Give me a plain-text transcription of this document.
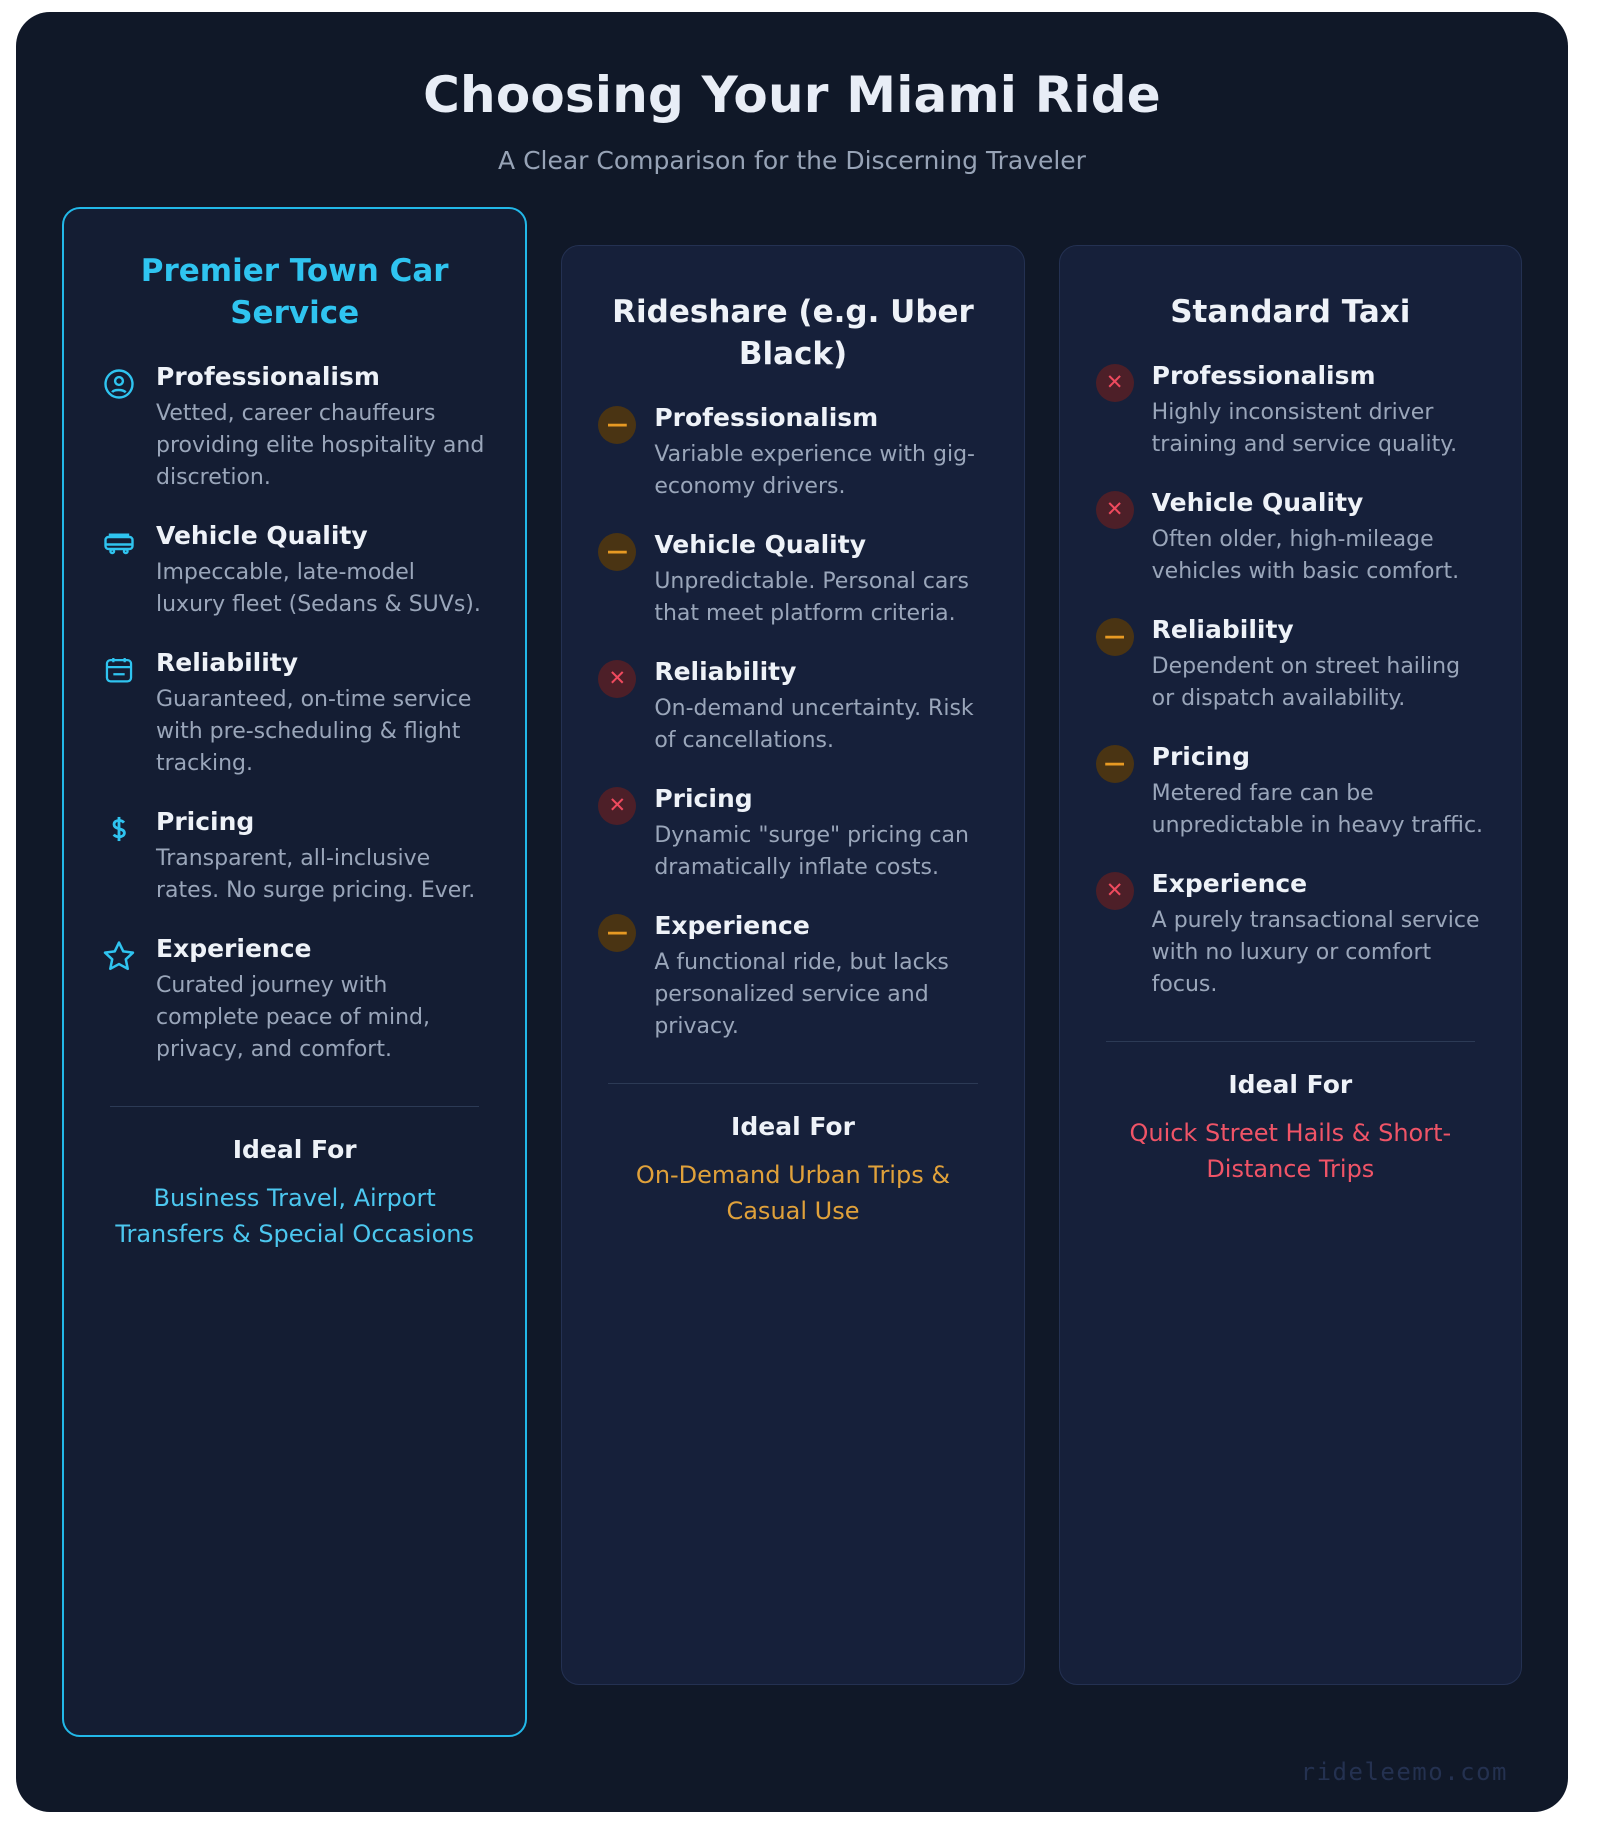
Choosing Your Miami Ride

A Clear Comparison for the Discerning Traveler

Premier Town Car Service
Professionalism
Vetted, career chauffeurs providing elite hospitality and discretion.
Vehicle Quality
Impeccable, late-model luxury fleet (Sedans & SUVs).
Reliability
Guaranteed, on-time service with pre-scheduling & flight tracking.
Pricing
Transparent, all-inclusive rates. No surge pricing. Ever.
Experience
Curated journey with complete peace of mind, privacy, and comfort.
Ideal For
Business Travel, Airport Transfers & Special Occasions
Rideshare (e.g. Uber Black)
—	Professionalism
Variable experience with gig-economy drivers.
—	Vehicle Quality
Unpredictable. Personal cars that meet platform criteria.
✕	Reliability
On-demand uncertainty. Risk of cancellations.
✕	Pricing
Dynamic "surge" pricing can dramatically inflate costs.
—	Experience
A functional ride, but lacks personalized service and privacy.
Ideal For
On-Demand Urban Trips & Casual Use
Standard Taxi
✕	Professionalism
Highly inconsistent driver training and service quality.
✕	Vehicle Quality
Often older, high-mileage vehicles with basic comfort.
—	Reliability
Dependent on street hailing or dispatch availability.
—	Pricing
Metered fare can be unpredictable in heavy traffic.
✕	Experience
A purely transactional service with no luxury or comfort focus.
Ideal For
Quick Street Hails & Short-Distance Trips
rideleemo.com
